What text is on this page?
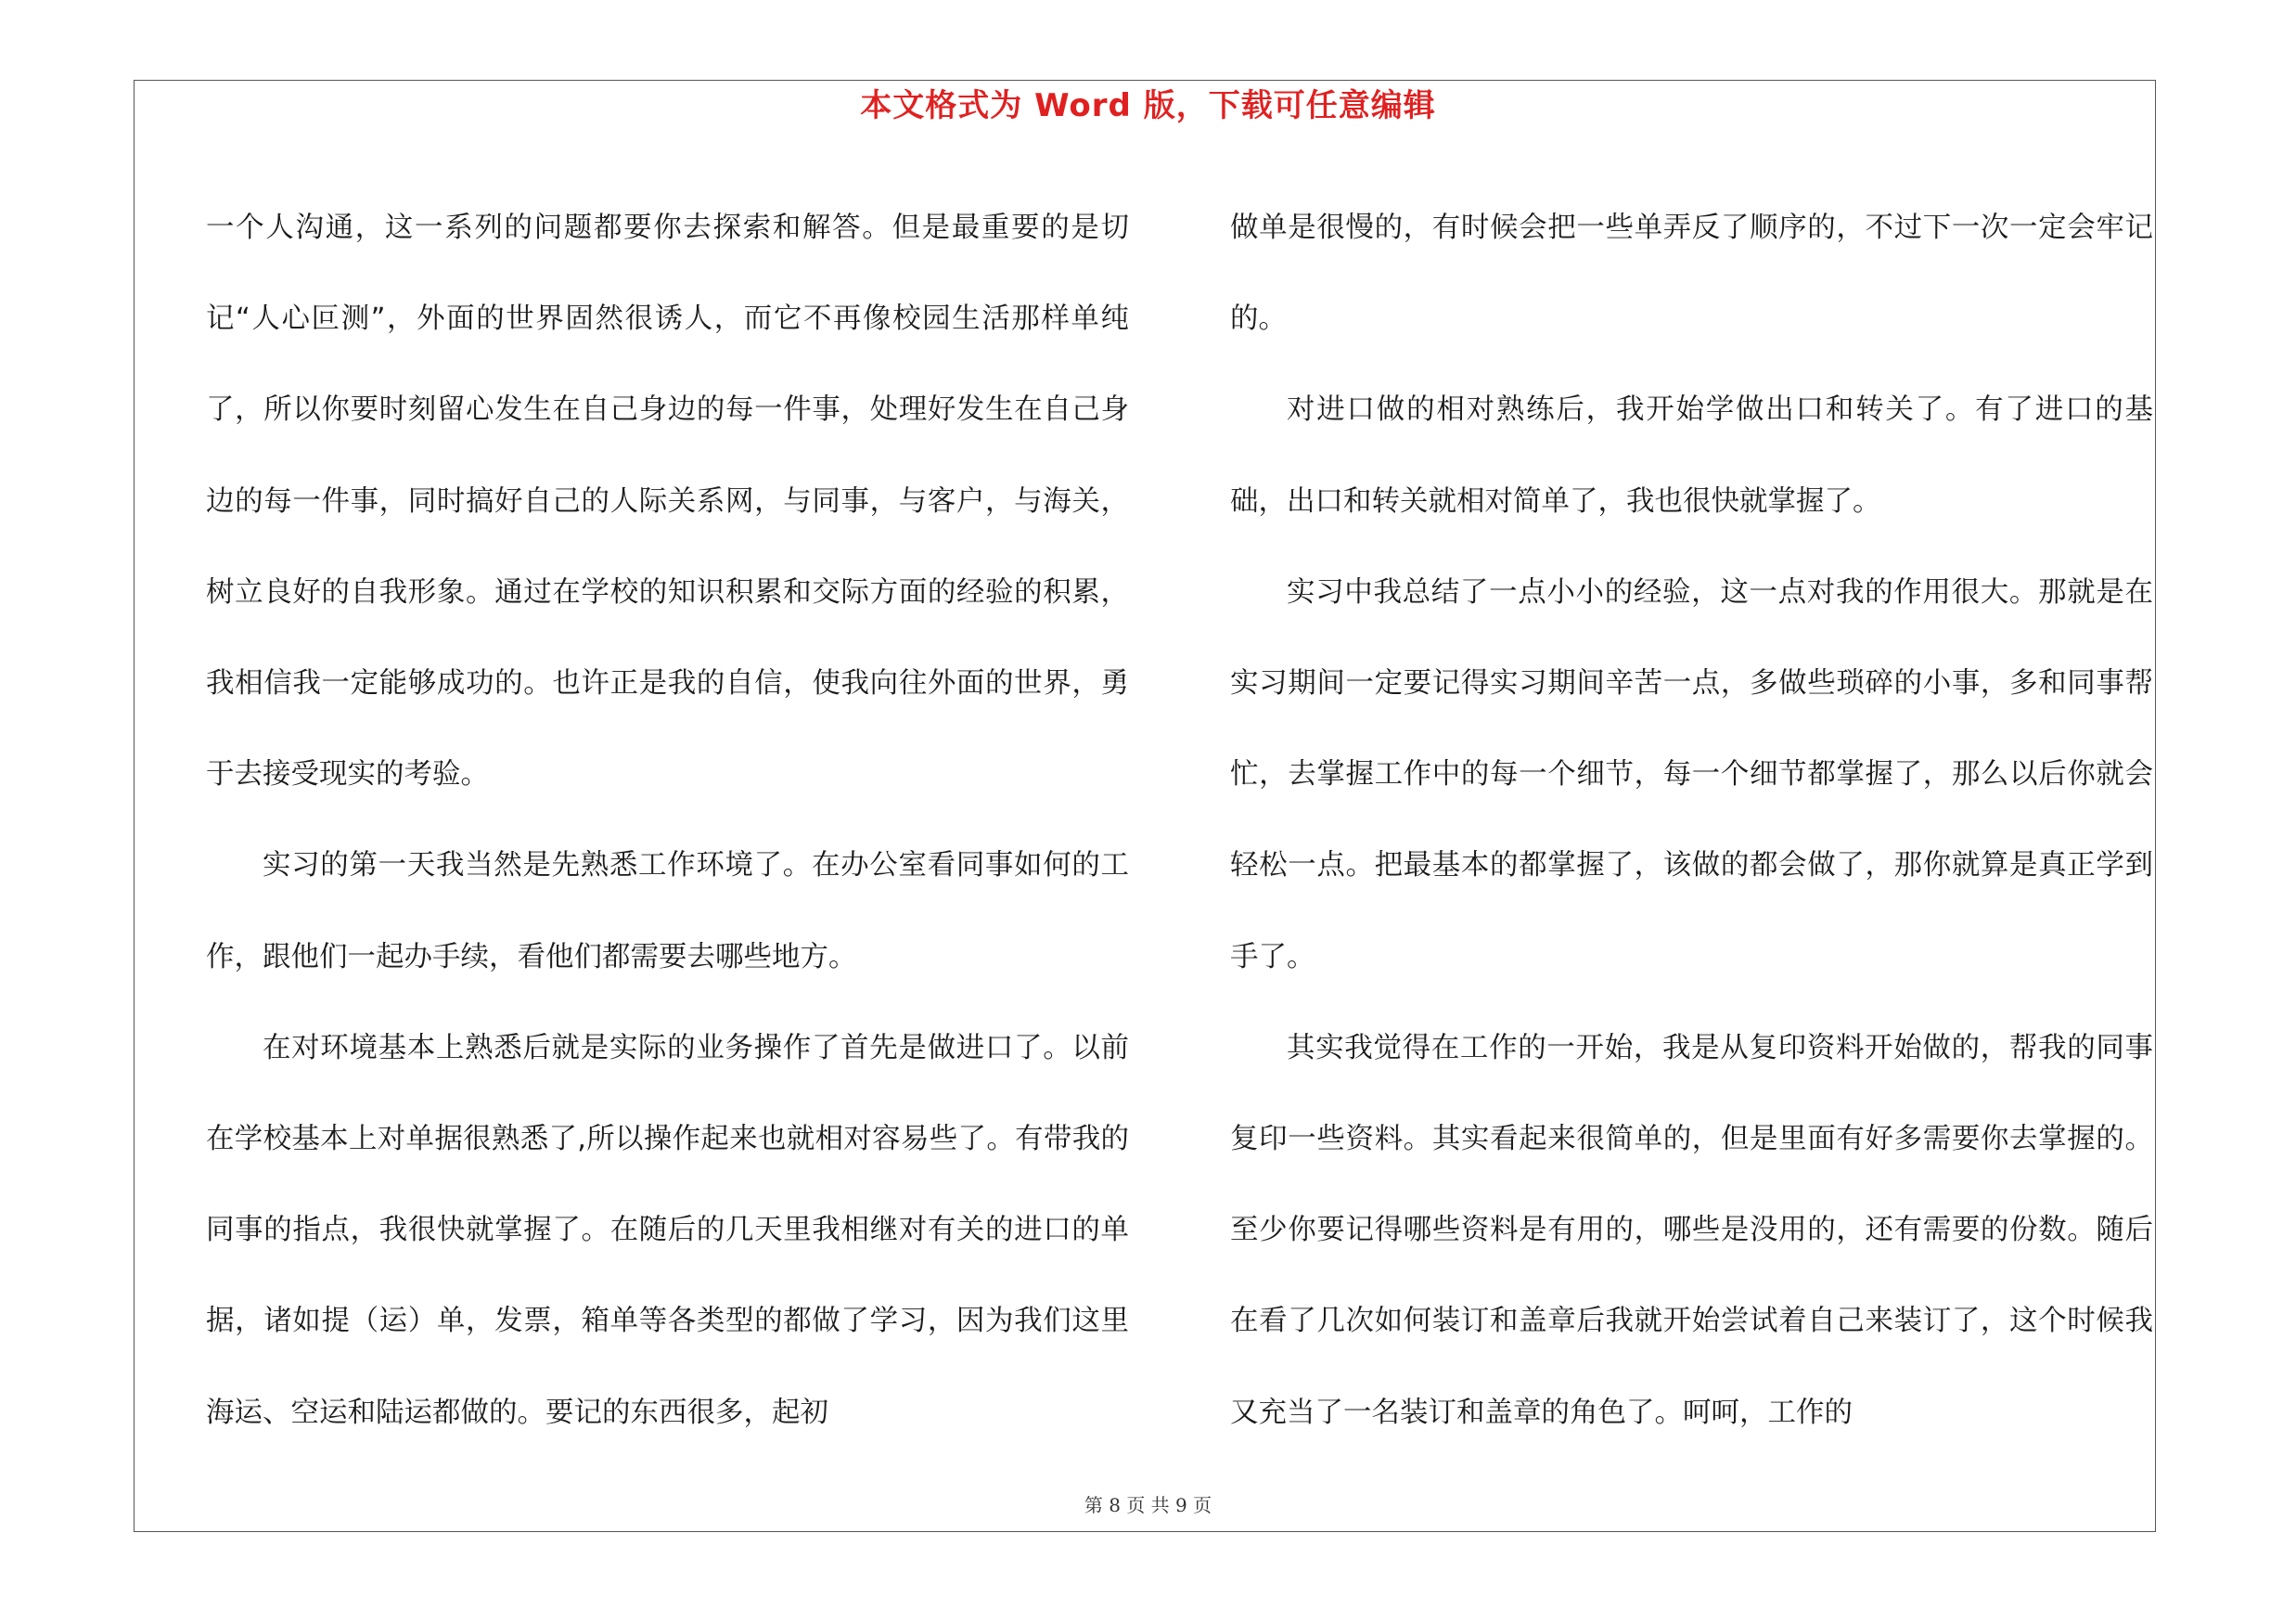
本文格式为 Word 版，下载可任意编辑

一个人沟通，这一系列的问题都要你去探索和解答。但是最重要的是切记“人心叵测”，外面的世界固然很诱人，而它不再像校园生活那样单纯了，所以你要时刻留心发生在自己身边的每一件事，处理好发生在自己身边的每一件事，同时搞好自己的人际关系网，与同事，与客户，与海关，树立良好的自我形象。通过在学校的知识积累和交际方面的经验的积累，我相信我一定能够成功的。也许正是我的自信，使我向往外面的世界，勇于去接受现实的考验。

实习的第一天我当然是先熟悉工作环境了。在办公室看同事如何的工作，跟他们一起办手续，看他们都需要去哪些地方。

在对环境基本上熟悉后就是实际的业务操作了首先是做进口了。以前在学校基本上对单据很熟悉了,所以操作起来也就相对容易些了。有带我的同事的指点，我很快就掌握了。在随后的几天里我相继对有关的进口的单据，诸如提（运）单，发票，箱单等各类型的都做了学习，因为我们这里海运、空运和陆运都做的。要记的东西很多，起初

做单是很慢的，有时候会把一些单弄反了顺序的，不过下一次一定会牢记的。

对进口做的相对熟练后，我开始学做出口和转关了。有了进口的基础，出口和转关就相对简单了，我也很快就掌握了。

实习中我总结了一点小小的经验，这一点对我的作用很大。那就是在实习期间一定要记得实习期间辛苦一点，多做些琐碎的小事，多和同事帮忙，去掌握工作中的每一个细节，每一个细节都掌握了，那么以后你就会轻松一点。把最基本的都掌握了，该做的都会做了，那你就算是真正学到手了。

其实我觉得在工作的一开始，我是从复印资料开始做的，帮我的同事复印一些资料。其实看起来很简单的，但是里面有好多需要你去掌握的。至少你要记得哪些资料是有用的，哪些是没用的，还有需要的份数。随后在看了几次如何装订和盖章后我就开始尝试着自己来装订了，这个时候我又充当了一名装订和盖章的角色了。呵呵，工作的

第 8 页 共 9 页
